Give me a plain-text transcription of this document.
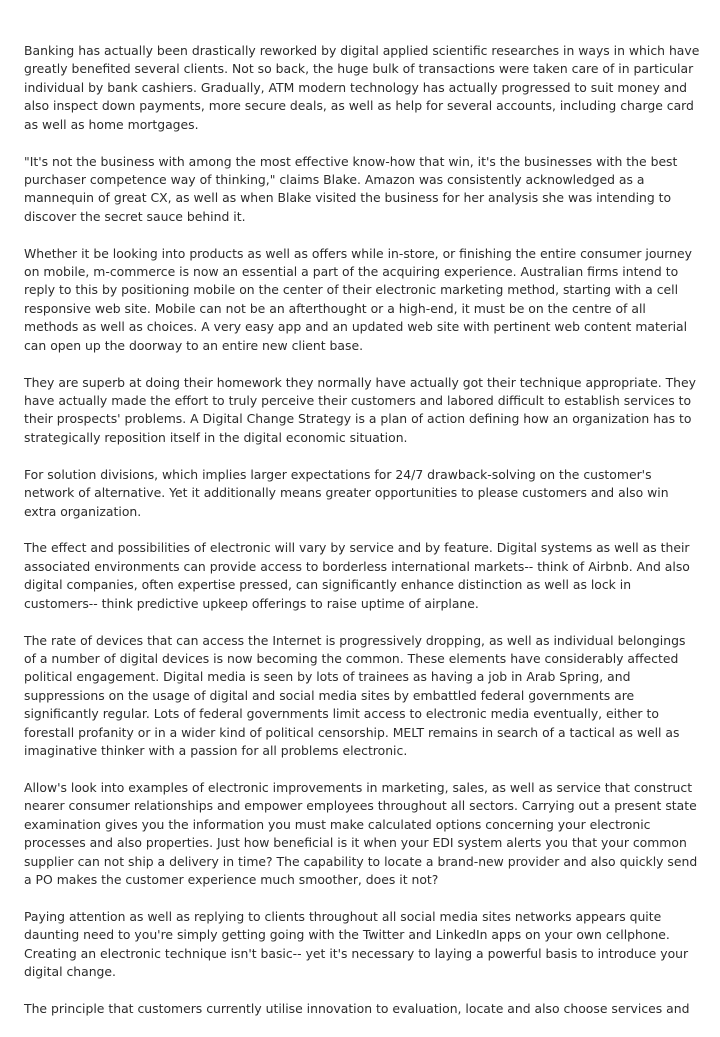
Banking has actually been drastically reworked by digital applied scientific researches in ways in which have greatly benefited several clients. Not so back, the huge bulk of transactions were taken care of in particular individual by bank cashiers. Gradually, ATM modern technology has actually progressed to suit money and also inspect down payments, more secure deals, as well as help for several accounts, including charge card as well as home mortgages.

"It's not the business with among the most effective know-how that win, it's the businesses with the best purchaser competence way of thinking," claims Blake. Amazon was consistently acknowledged as a mannequin of great CX, as well as when Blake visited the business for her analysis she was intending to discover the secret sauce behind it.

Whether it be looking into products as well as offers while in-store, or finishing the entire consumer journey on mobile, m-commerce is now an essential a part of the acquiring experience. Australian firms intend to reply to this by positioning mobile on the center of their electronic marketing method, starting with a cell responsive web site. Mobile can not be an afterthought or a high-end, it must be on the centre of all methods as well as choices. A very easy app and an updated web site with pertinent web content material can open up the doorway to an entire new client base.

They are superb at doing their homework they normally have actually got their technique appropriate. They have actually made the effort to truly perceive their customers and labored difficult to establish services to their prospects' problems. A Digital Change Strategy is a plan of action defining how an organization has to strategically reposition itself in the digital economic situation.

For solution divisions, which implies larger expectations for 24/7 drawback-solving on the customer's network of alternative. Yet it additionally means greater opportunities to please customers and also win extra organization.

The effect and possibilities of electronic will vary by service and by feature. Digital systems as well as their associated environments can provide access to borderless international markets-- think of Airbnb. And also digital companies, often expertise pressed, can significantly enhance distinction as well as lock in customers-- think predictive upkeep offerings to raise uptime of airplane.

The rate of devices that can access the Internet is progressively dropping, as well as individual belongings of a number of digital devices is now becoming the common. These elements have considerably affected political engagement. Digital media is seen by lots of trainees as having a job in Arab Spring, and suppressions on the usage of digital and social media sites by embattled federal governments are significantly regular. Lots of federal governments limit access to electronic media eventually, either to forestall profanity or in a wider kind of political censorship. MELT remains in search of a tactical as well as imaginative thinker with a passion for all problems electronic.

Allow's look into examples of electronic improvements in marketing, sales, as well as service that construct nearer consumer relationships and empower employees throughout all sectors. Carrying out a present state examination gives you the information you must make calculated options concerning your electronic processes and also properties. Just how beneficial is it when your EDI system alerts you that your common supplier can not ship a delivery in time? The capability to locate a brand-new provider and also quickly send a PO makes the customer experience much smoother, does it not?

Paying attention as well as replying to clients throughout all social media sites networks appears quite daunting need to you're simply getting going with the Twitter and LinkedIn apps on your own cellphone. Creating an electronic technique isn't basic-- yet it's necessary to laying a powerful basis to introduce your digital change.

The principle that customers currently utilise innovation to evaluation, locate and also choose services and
